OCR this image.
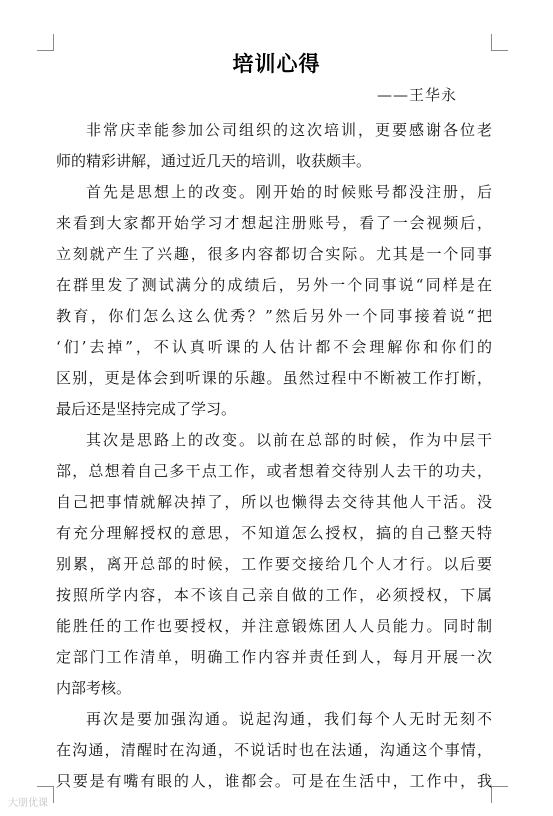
培训心得
——王华永
非常庆幸能参加公司组织的这次培训，更要感谢各位老
师的精彩讲解，通过近几天的培训，收获颇丰。
首先是思想上的改变。刚开始的时候账号都没注册，后
来看到大家都开始学习才想起注册账号，看了一会视频后，
立刻就产生了兴趣，很多内容都切合实际。尤其是一个同事
在群里发了测试满分的成绩后，另外一个同事说“同样是在
教育，你们怎么这么优秀？”然后另外一个同事接着说“把
‘们’去掉”，不认真听课的人估计都不会理解你和你们的
区别，更是体会到听课的乐趣。虽然过程中不断被工作打断，
最后还是坚持完成了学习。
其次是思路上的改变。以前在总部的时候，作为中层干
部，总想着自己多干点工作，或者想着交待别人去干的功夫，
自己把事情就解决掉了，所以也懒得去交待其他人干活。没
有充分理解授权的意思，不知道怎么授权，搞的自己整天特
别累，离开总部的时候，工作要交接给几个人才行。以后要
按照所学内容，本不该自己亲自做的工作，必须授权，下属
能胜任的工作也要授权，并注意锻炼团人人员能力。同时制
定部门工作清单，明确工作内容并责任到人，每月开展一次
内部考核。
再次是要加强沟通。说起沟通，我们每个人无时无刻不
在沟通，清醒时在沟通，不说话时也在法通，沟通这个事情，
只要是有嘴有眼的人，谁都会。可是在生活中，工作中，我
大朋优课
